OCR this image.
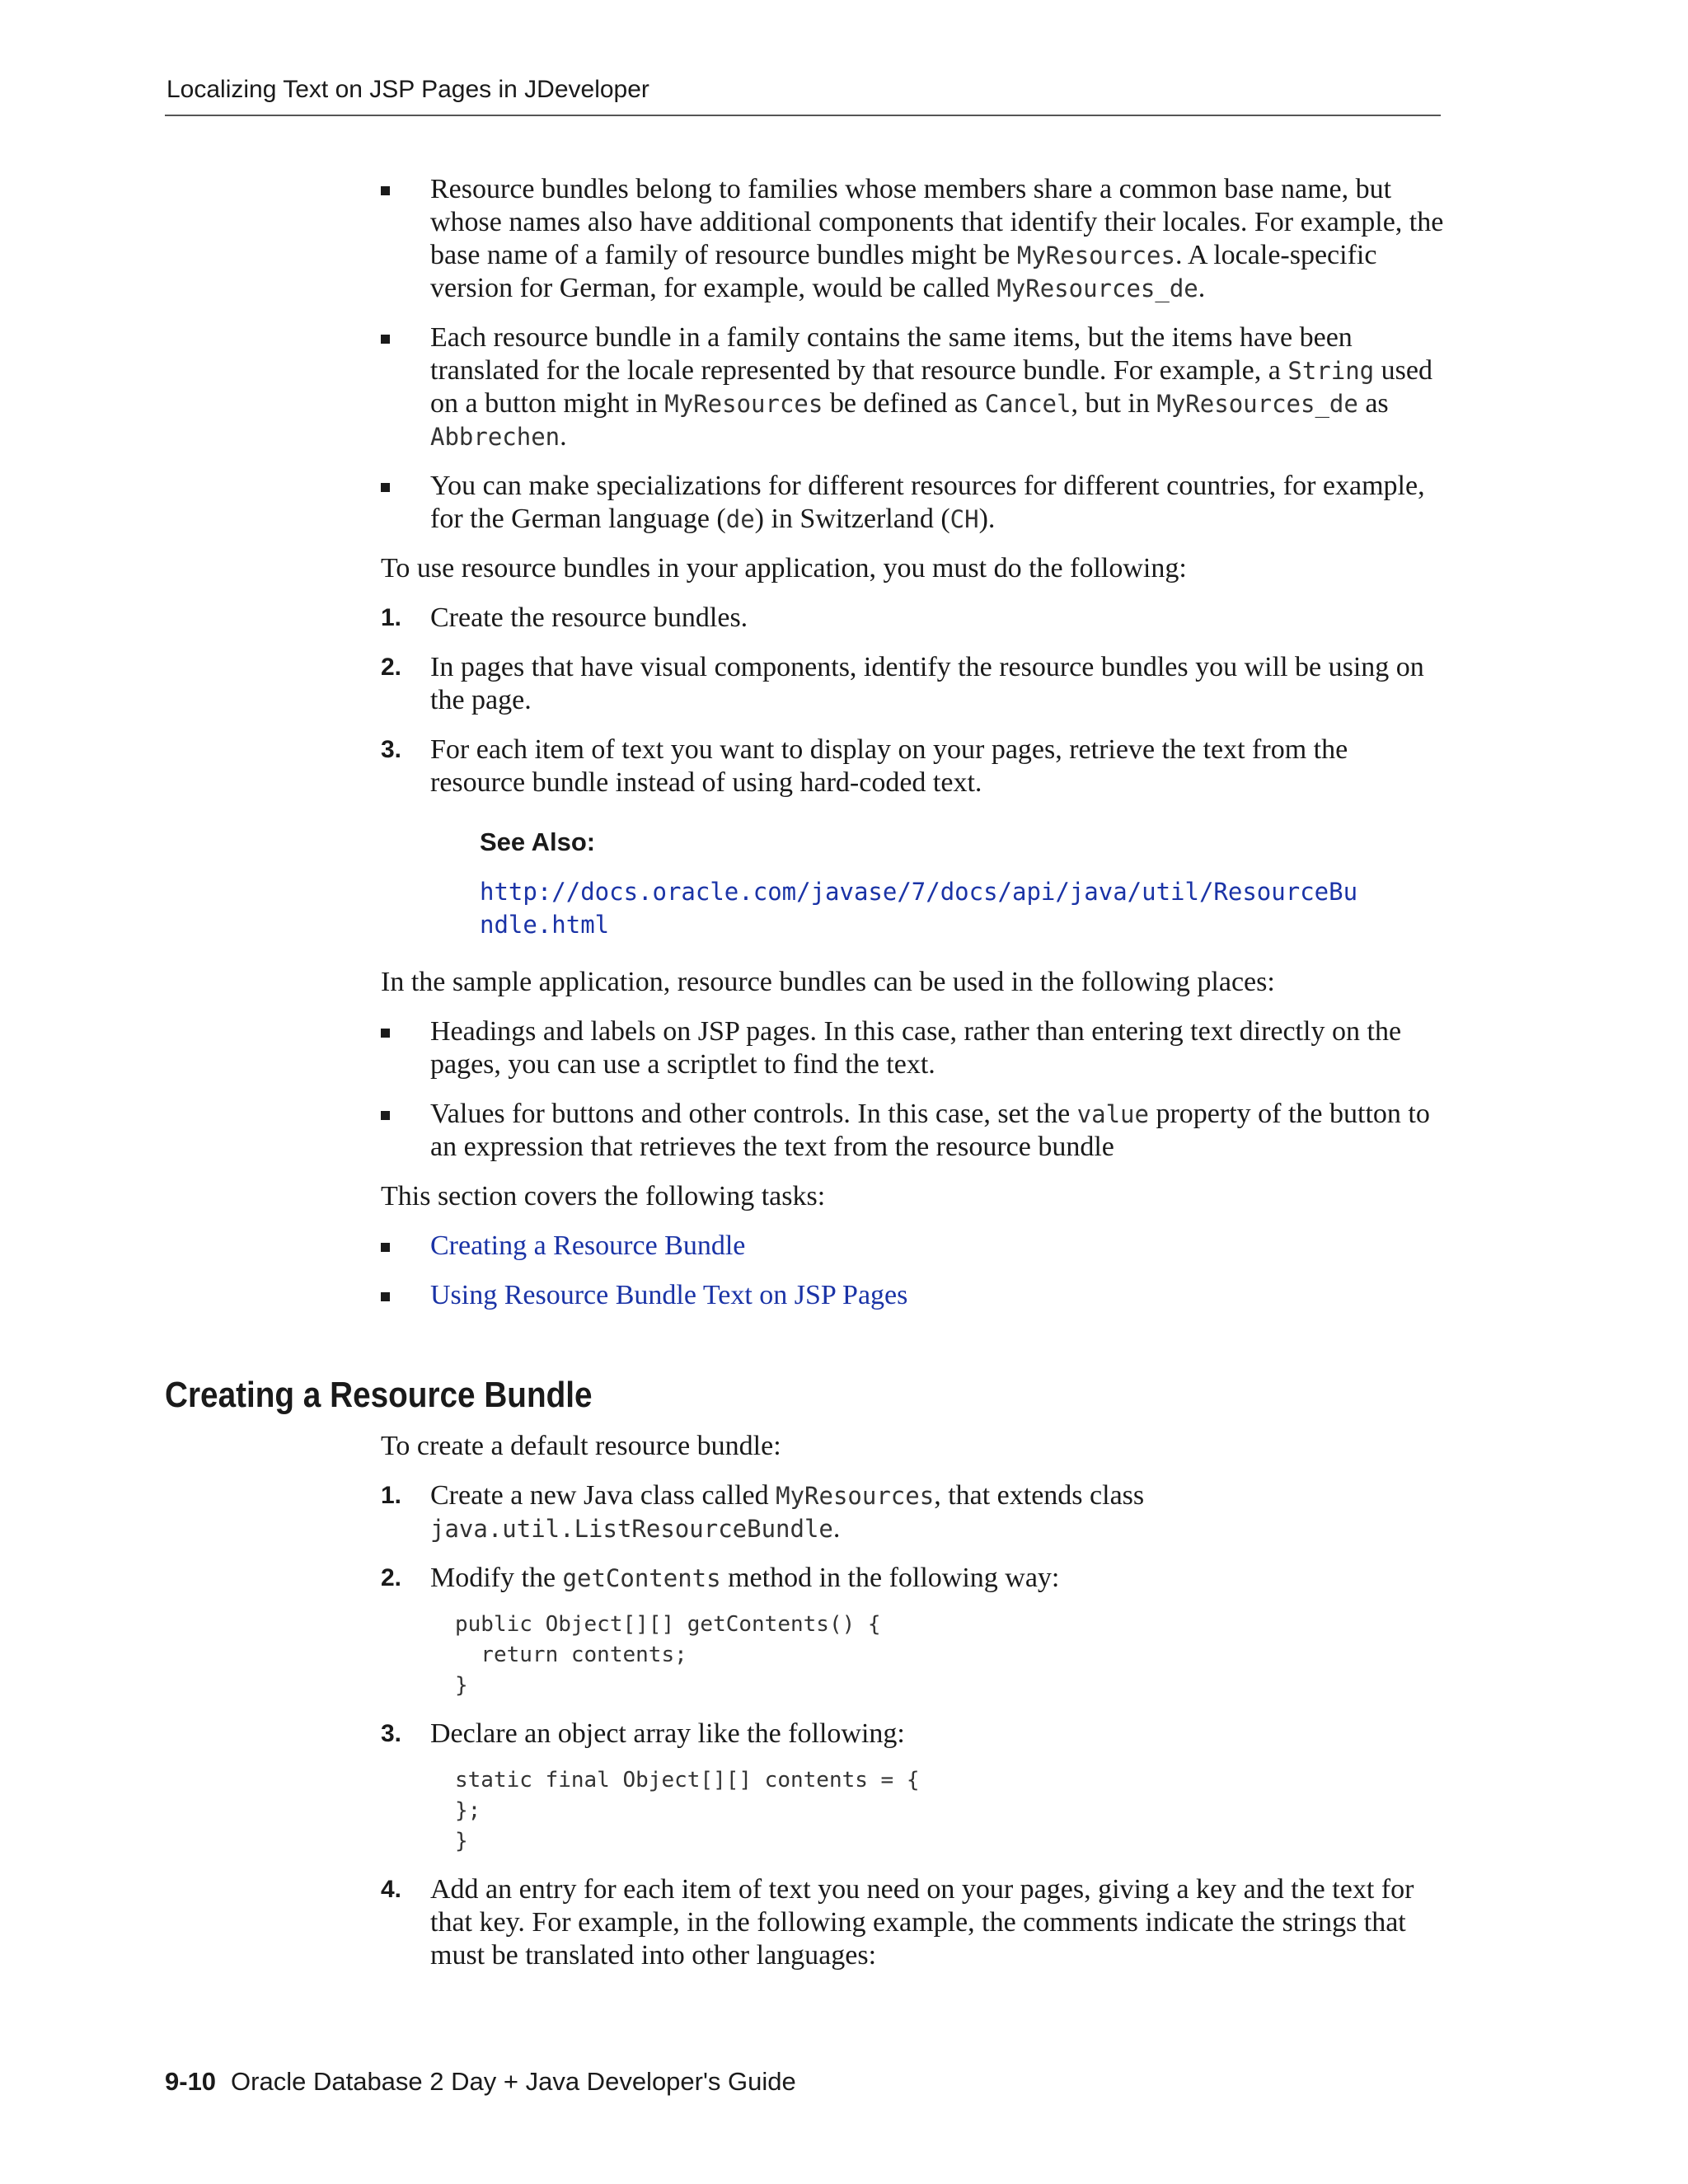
Localizing Text on JSP Pages in JDeveloper
Resource bundles belong to families whose members share a common base name, but whose names also have additional components that identify their locales. For example, the base name of a family of resource bundles might be MyResources. A locale-specific version for German, for example, would be called MyResources_de.
Each resource bundle in a family contains the same items, but the items have been translated for the locale represented by that resource bundle. For example, a String used on a button might in MyResources be defined as Cancel, but in MyResources_de as Abbrechen.
You can make specializations for different resources for different countries, for example, for the German language (de) in Switzerland (CH).

To use resource bundles in your application, you must do the following:

1. Create the resource bundles.
2. In pages that have visual components, identify the resource bundles you will be using on the page.
3. For each item of text you want to display on your pages, retrieve the text from the resource bundle instead of using hard-coded text.
See Also:
http://docs.oracle.com/javase/7/docs/api/java/util/ResourceBundle.html

In the sample application, resource bundles can be used in the following places:

Headings and labels on JSP pages. In this case, rather than entering text directly on the pages, you can use a scriptlet to find the text.
Values for buttons and other controls. In this case, set the value property of the button to an expression that retrieves the text from the resource bundle

This section covers the following tasks:

Creating a Resource Bundle
Using Resource Bundle Text on JSP Pages
Creating a Resource Bundle

To create a default resource bundle:

1. Create a new Java class called MyResources, that extends class java.util.ListResourceBundle.
2. Modify the getContents method in the following way:
public Object[][] getContents() {
return contents;
}
3. Declare an object array like the following:
static final Object[][] contents = {
};
}
4. Add an entry for each item of text you need on your pages, giving a key and the text for that key. For example, in the following example, the comments indicate the strings that must be translated into other languages:
9-10 Oracle Database 2 Day + Java Developer's Guide
